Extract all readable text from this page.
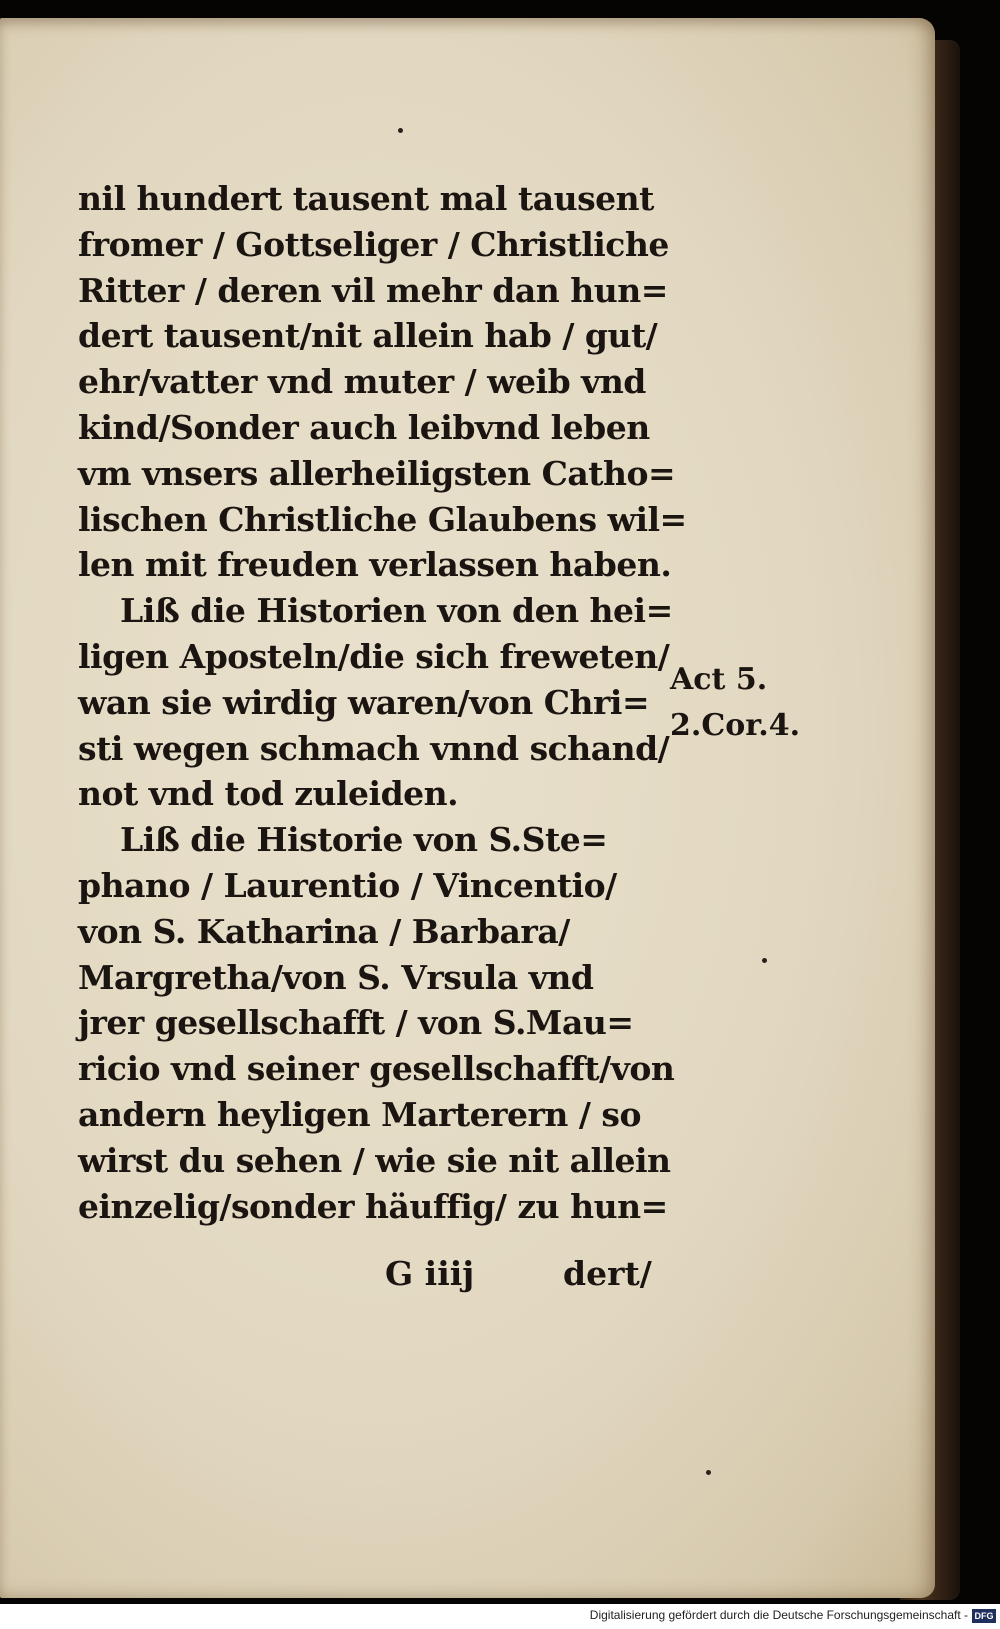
nil hundert tausent mal tausent
fromer / Gottseliger / Christliche
Ritter / deren vil mehr dan hun=
dert tausent/nit allein hab / gut/
ehr/vatter vnd muter / weib vnd
kind/Sonder auch leibvnd leben
vm vnsers allerheiligsten Catho=
lischen Christliche Glaubens wil=
len mit freuden verlassen haben.
Liß die Historien von den hei=
ligen Aposteln/die sich freweten/
wan sie wirdig waren/von Chri=
sti wegen schmach vnnd schand/
not vnd tod zuleiden.
Liß die Historie von S.Ste=
phano / Laurentio / Vincentio/
von S. Katharina / Barbara/
Margretha/von S. Vrsula vnd
jrer gesellschafft / von S.Mau=
ricio vnd seiner gesellschafft/von
andern heyligen Marterern / so
wirst du sehen / wie sie nit allein
einzelig/sonder häuffig/ zu hun=
G iiij	dert/
Act 5.
2.Cor.4.
Digitalisierung gefördert durch die Deutsche Forschungsgemeinschaft - DFG
